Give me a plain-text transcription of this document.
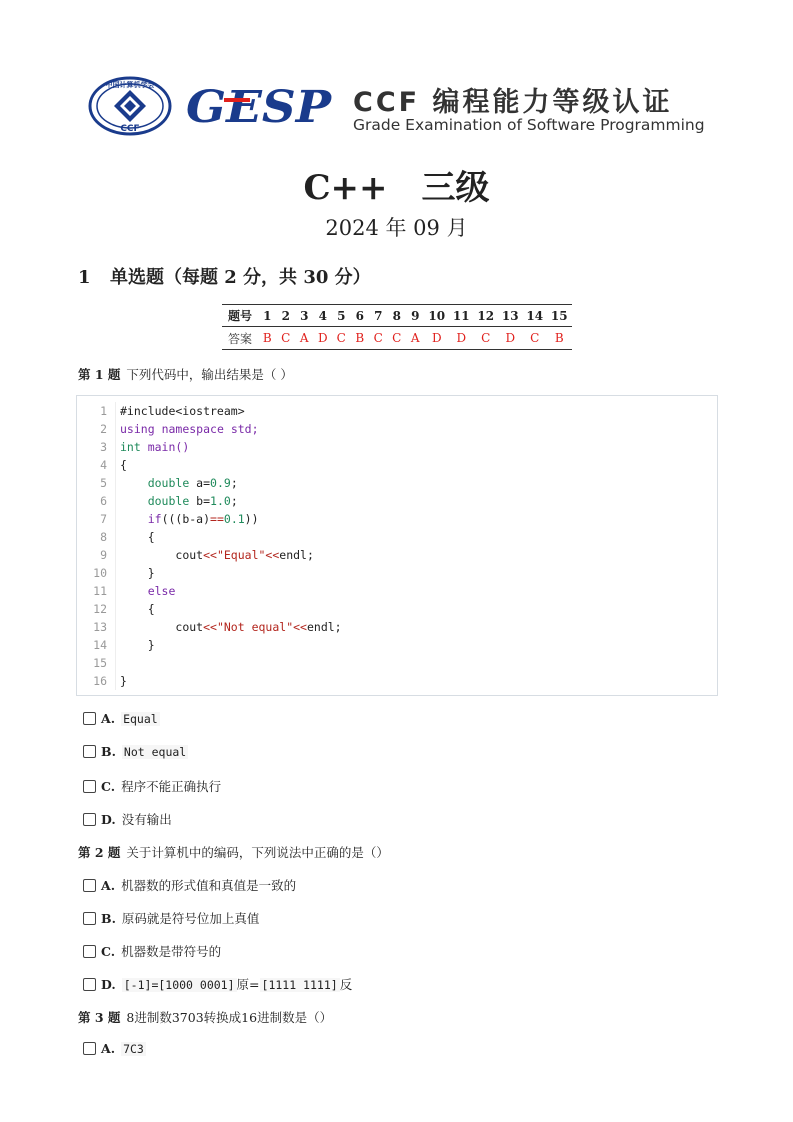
中国计算机学会
CCF GESP CCF 编程能力等级认证
Grade Examination of Software Programming
C++　三级
2024 年 09 月
1 单选题（每题 2 分，共 30 分）
题号	1	2	3	4	5	6	7	8	9	10	11	12	13	14	15
答案	B	C	A	D	C	B	C	C	A	D	D	C	D	C	B
第 1 题 下列代码中，输出结果是（ ）
1
2
3
4
5
6
7
8
9
10
11
12
13
14
15
16
#include<iostream>
using namespace std;
int main()
{
double a=0.9;
double b=1.0;
if(((b-a)==0.1))
{
cout<<"Equal"<<endl;
}
else
{
cout<<"Not equal"<<endl;
}

}
A. Equal
B. Not equal
C. 程序不能正确执行
D. 没有输出
第 2 题 关于计算机中的编码，下列说法中正确的是（）
A. 机器数的形式值和真值是一致的
B. 原码就是符号位加上真值
C. 机器数是带符号的
D. [-1]=[1000 0001] 原= [1111 1111] 反
第 3 题 8进制数3703转换成16进制数是（）
A. 7C3
